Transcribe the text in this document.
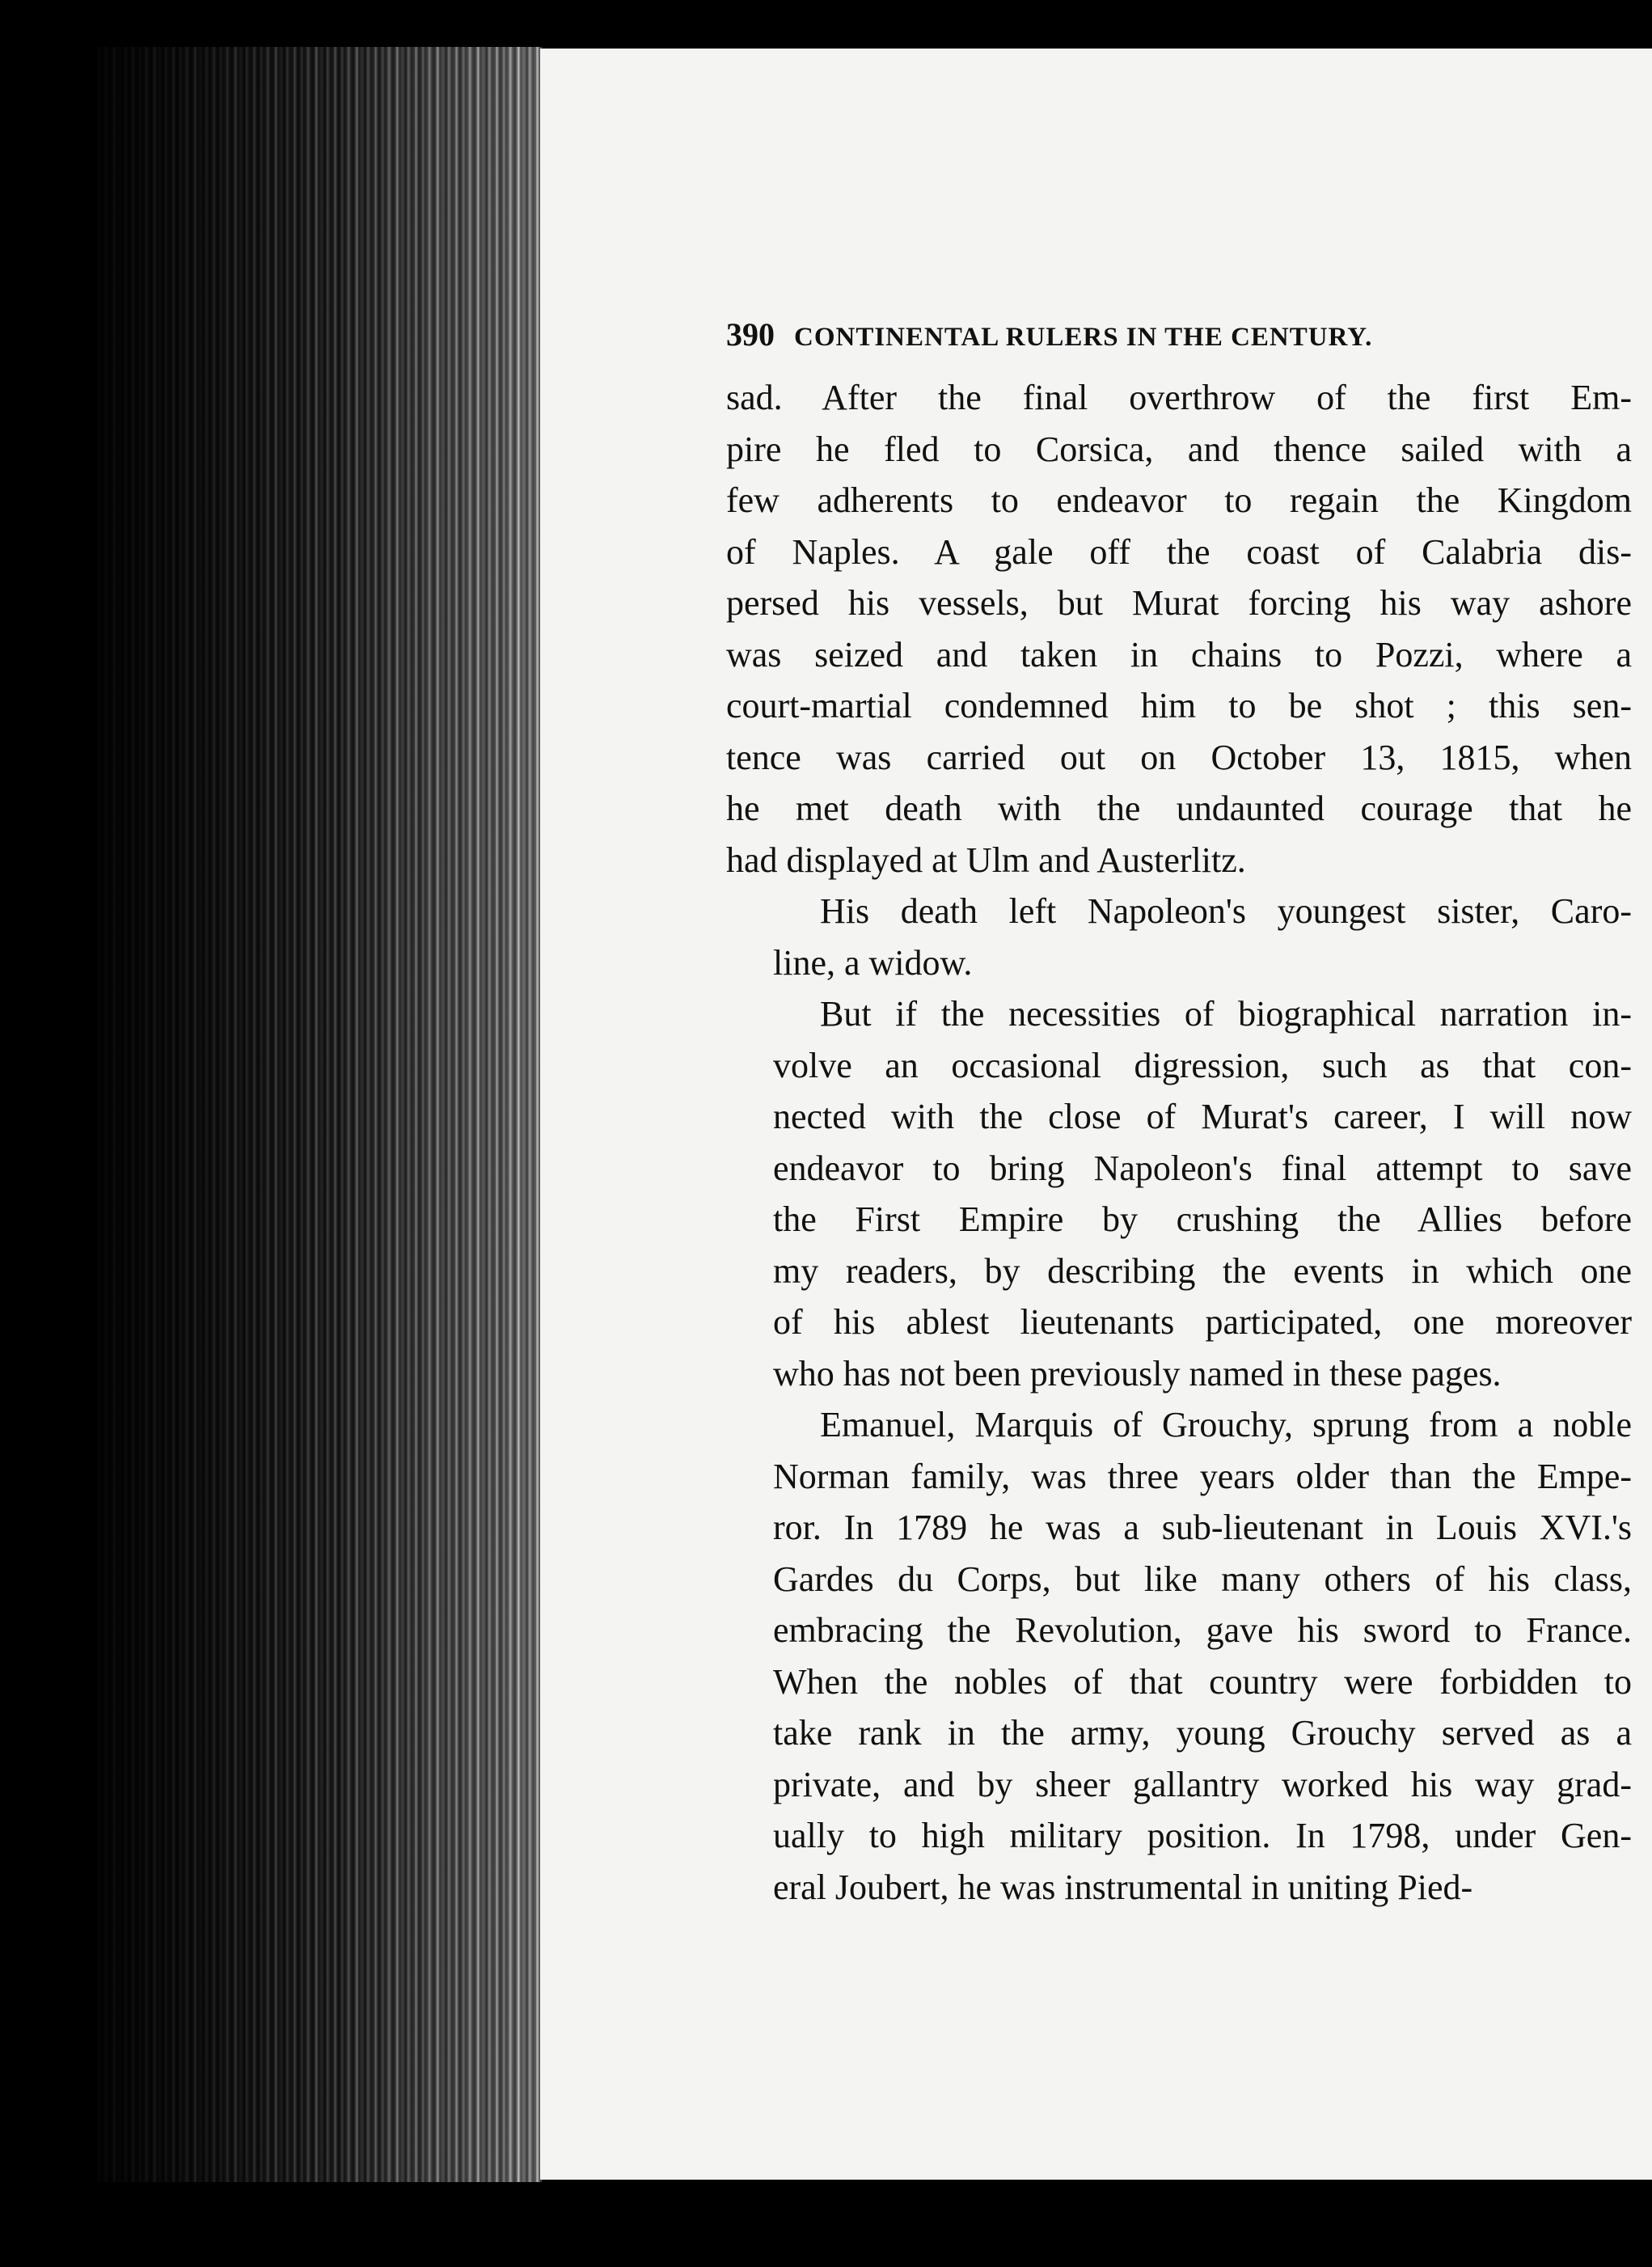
390 CONTINENTAL RULERS IN THE CENTURY.
sad. After the final overthrow of the first Em-
pire he fled to Corsica, and thence sailed with a
few adherents to endeavor to regain the Kingdom
of Naples. A gale off the coast of Calabria dis-
persed his vessels, but Murat forcing his way ashore
was seized and taken in chains to Pozzi, where a
court-martial condemned him to be shot ; this sen-
tence was carried out on October 13, 1815, when
he met death with the undaunted courage that he
had displayed at Ulm and Austerlitz.
His death left Napoleon's youngest sister, Caro-
line, a widow.
But if the necessities of biographical narration in-
volve an occasional digression, such as that con-
nected with the close of Murat's career, I will now
endeavor to bring Napoleon's final attempt to save
the First Empire by crushing the Allies before
my readers, by describing the events in which one
of his ablest lieutenants participated, one moreover
who has not been previously named in these pages.
Emanuel, Marquis of Grouchy, sprung from a noble
Norman family, was three years older than the Empe-
ror. In 1789 he was a sub-lieutenant in Louis XVI.'s
Gardes du Corps, but like many others of his class,
embracing the Revolution, gave his sword to France.
When the nobles of that country were forbidden to
take rank in the army, young Grouchy served as a
private, and by sheer gallantry worked his way grad-
ually to high military position. In 1798, under Gen-
eral Joubert, he was instrumental in uniting Pied-
